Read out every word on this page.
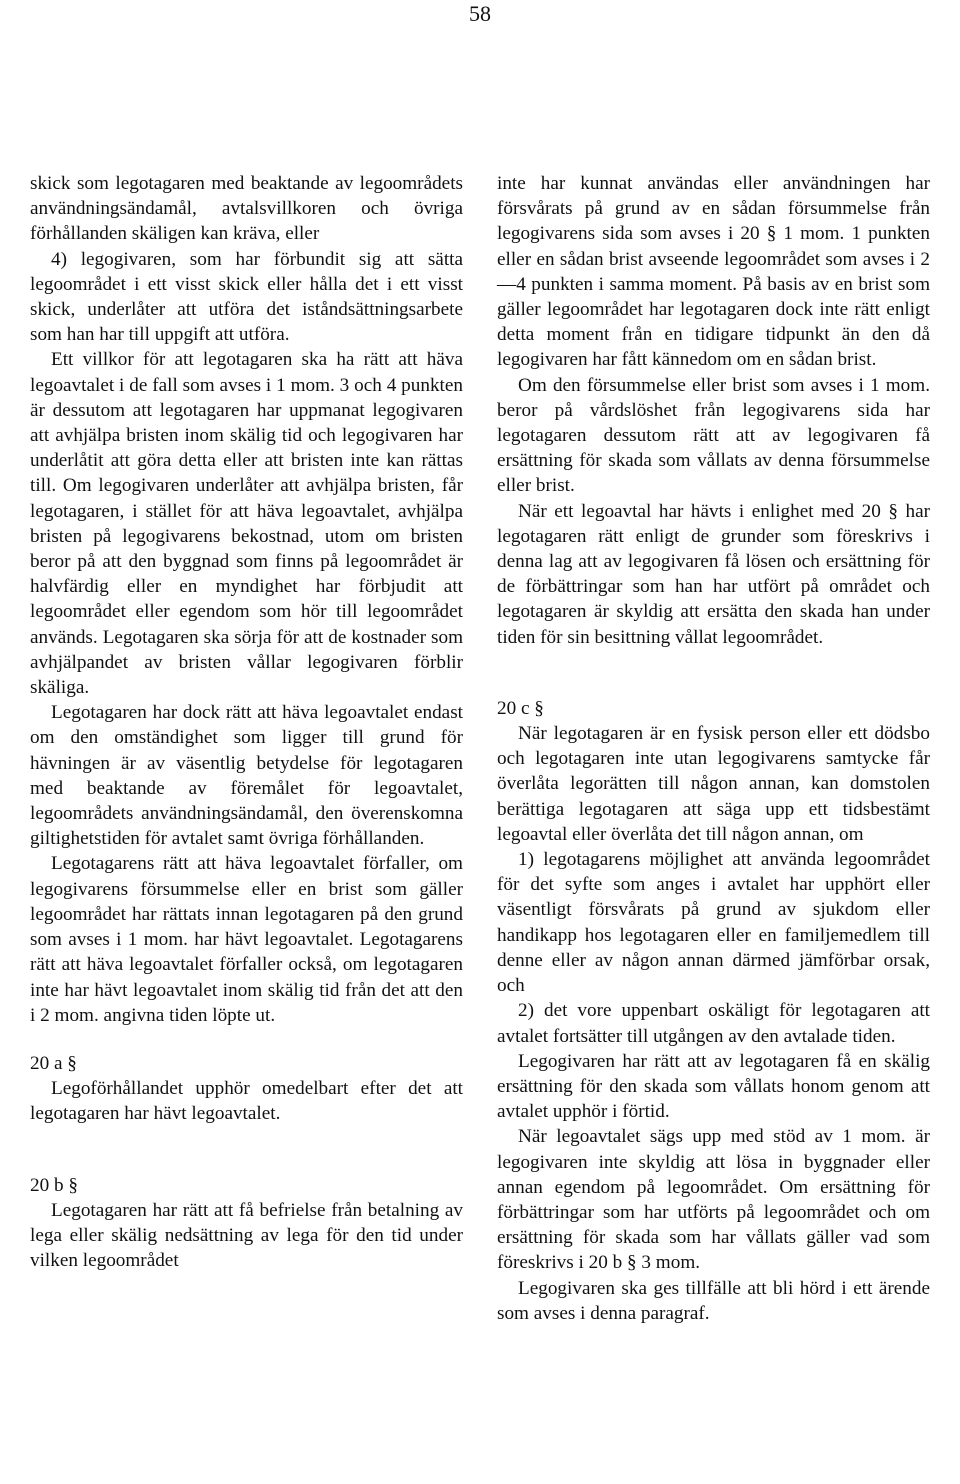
58

skick som legotagaren med beaktande av legoområdets användningsändamål, avtalsvillkoren och övriga förhållanden skäligen kan kräva, eller

4) legogivaren, som har förbundit sig att sätta legoområdet i ett visst skick eller hålla det i ett visst skick, underlåter att utföra det iståndsättningsarbete som han har till uppgift att utföra.

Ett villkor för att legotagaren ska ha rätt att häva legoavtalet i de fall som avses i 1 mom. 3 och 4 punkten är dessutom att legotagaren har uppmanat legogivaren att avhjälpa bristen inom skälig tid och legogivaren har underlåtit att göra detta eller att bristen inte kan rättas till. Om legogivaren underlåter att avhjälpa bristen, får legotagaren, i stället för att häva legoavtalet, avhjälpa bristen på legogivarens bekostnad, utom om bristen beror på att den byggnad som finns på legoområdet är halvfärdig eller en myndighet har förbjudit att legoområdet eller egendom som hör till legoområdet används. Legotagaren ska sörja för att de kostnader som avhjälpandet av bristen vållar legogivaren förblir skäliga.

Legotagaren har dock rätt att häva legoavtalet endast om den omständighet som ligger till grund för hävningen är av väsentlig betydelse för legotagaren med beaktande av föremålet för legoavtalet, legoområdets användningsändamål, den överenskomna giltighetstiden för avtalet samt övriga förhållanden.

Legotagarens rätt att häva legoavtalet förfaller, om legogivarens försummelse eller en brist som gäller legoområdet har rättats innan legotagaren på den grund som avses i 1 mom. har hävt legoavtalet. Legotagarens rätt att häva legoavtalet förfaller också, om legotagaren inte har hävt legoavtalet inom skälig tid från det att den i 2 mom. angivna tiden löpte ut.

20 a §

Legoförhållandet upphör omedelbart efter det att legotagaren har hävt legoavtalet.

20 b §

Legotagaren har rätt att få befrielse från betalning av lega eller skälig nedsättning av lega för den tid under vilken legoområdet

inte har kunnat användas eller användningen har försvårats på grund av en sådan försummelse från legogivarens sida som avses i 20 § 1 mom. 1 punkten eller en sådan brist avseende legoområdet som avses i 2—4 punkten i samma moment. På basis av en brist som gäller legoområdet har legotagaren dock inte rätt enligt detta moment från en tidigare tidpunkt än den då legogivaren har fått kännedom om en sådan brist.

Om den försummelse eller brist som avses i 1 mom. beror på vårdslöshet från legogivarens sida har legotagaren dessutom rätt att av legogivaren få ersättning för skada som vållats av denna försummelse eller brist.

När ett legoavtal har hävts i enlighet med 20 § har legotagaren rätt enligt de grunder som föreskrivs i denna lag att av legogivaren få lösen och ersättning för de förbättringar som han har utfört på området och legotagaren är skyldig att ersätta den skada han under tiden för sin besittning vållat legoområdet.

20 c §

När legotagaren är en fysisk person eller ett dödsbo och legotagaren inte utan legogivarens samtycke får överlåta legorätten till någon annan, kan domstolen berättiga legotagaren att säga upp ett tidsbestämt legoavtal eller överlåta det till någon annan, om

1) legotagarens möjlighet att använda legoområdet för det syfte som anges i avtalet har upphört eller väsentligt försvårats på grund av sjukdom eller handikapp hos legotagaren eller en familjemedlem till denne eller av någon annan därmed jämförbar orsak, och

2) det vore uppenbart oskäligt för legotagaren att avtalet fortsätter till utgången av den avtalade tiden.

Legogivaren har rätt att av legotagaren få en skälig ersättning för den skada som vållats honom genom att avtalet upphör i förtid.

När legoavtalet sägs upp med stöd av 1 mom. är legogivaren inte skyldig att lösa in byggnader eller annan egendom på legoområdet. Om ersättning för förbättringar som har utförts på legoområdet och om ersättning för skada som har vållats gäller vad som föreskrivs i 20 b § 3 mom.

Legogivaren ska ges tillfälle att bli hörd i ett ärende som avses i denna paragraf.
